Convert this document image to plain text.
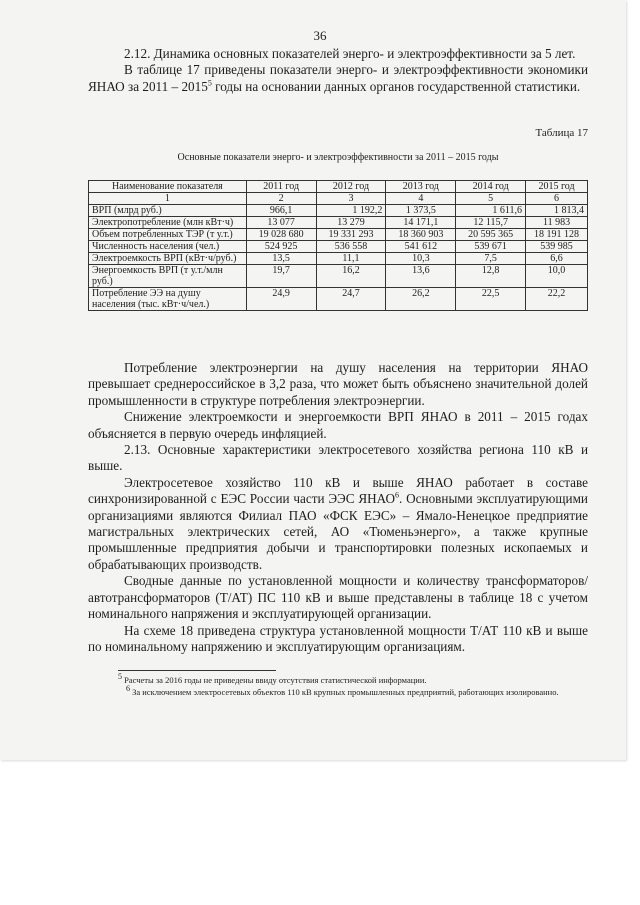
36

2.12. Динамика основных показателей энерго- и электроэффективности за 5 лет.

В таблице 17 приведены показатели энерго- и электроэффективности экономики ЯНАО за 2011 – 2015$^5$ годы на основании данных органов государственной статистики.

Таблица 17
Основные показатели энерго- и электроэффективности за 2011 – 2015 годы
Наименование показателя	2011 год	2012 год	2013 год	2014 год	2015 год
1	2	3	4	5	6
ВРП (млрд руб.)	966,1	1 192,2	1 373,5	1 611,6	1 813,4
Электропотребление (млн кВт·ч)	13 077	13 279	14 171,1	12 115,7	11 983
Объем потребленных ТЭР (т у.т.)	19 028 680	19 331 293	18 360 903	20 595 365	18 191 128
Численность населения (чел.)	524 925	536 558	541 612	539 671	539 985
Электроемкость ВРП (кВт·ч/руб.)	13,5	11,1	10,3	7,5	6,6
Энергоемкость ВРП (т у.т./млн руб.)	19,7	16,2	13,6	12,8	10,0
Потребление ЭЭ на душу населения (тыс. кВт·ч/чел.)	24,9	24,7	26,2	22,5	22,2

Потребление электроэнергии на душу населения на территории ЯНАО превышает среднероссийское в 3,2 раза, что может быть объяснено значительной долей промышленности в структуре потребления электроэнергии.

Снижение электроемкости и энергоемкости ВРП ЯНАО в 2011 – 2015 годах объясняется в первую очередь инфляцией.

2.13. Основные характеристики электросетевого хозяйства региона 110 кВ и выше.

Электросетевое хозяйство 110 кВ и выше ЯНАО работает в составе синхронизированной с ЕЭС России части ЭЭС ЯНАО$^6$. Основными эксплуатирующими организациями являются Филиал ПАО «ФСК ЕЭС» – Ямало-Ненецкое предприятие магистральных электрических сетей, АО «Тюменьэнерго», а также крупные промышленные предприятия добычи и транспортировки полезных ископаемых и обрабатывающих производств.

Сводные данные по установленной мощности и количеству трансформаторов/автотрансформаторов (Т/АТ) ПС 110 кВ и выше представлены в таблице 18 с учетом номинального напряжения и эксплуатирующей организации.

На схеме 18 приведена структура установленной мощности Т/АТ 110 кВ и выше по номинальному напряжению и эксплуатирующим организациям.

$^5$ Расчеты за 2016 годы не приведены ввиду отсутствия статистической информации.
$^6$ За исключением электросетевых объектов 110 кВ крупных промышленных предприятий, работающих изолированно.
